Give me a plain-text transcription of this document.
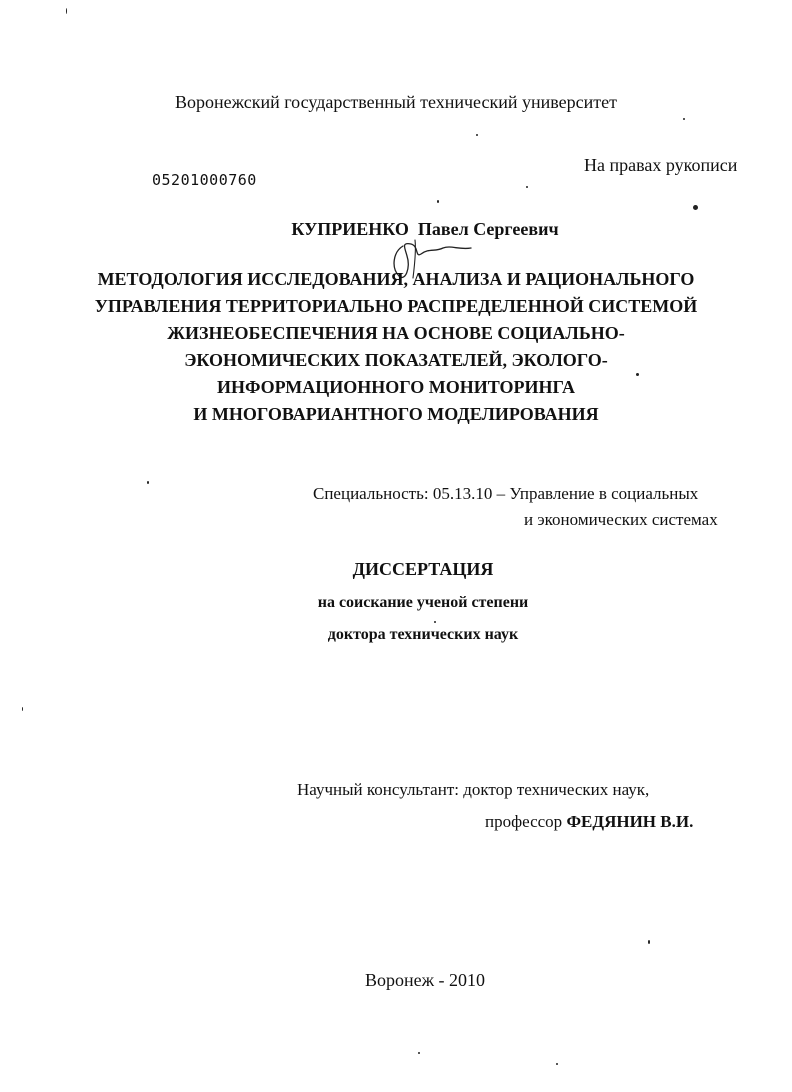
Воронежский государственный технический университет
На правах рукописи
05201000760
КУПРИЕНКО Павел Сергеевич
МЕТОДОЛОГИЯ ИССЛЕДОВАНИЯ, АНАЛИЗА И РАЦИОНАЛЬНОГО
УПРАВЛЕНИЯ ТЕРРИТОРИАЛЬНО РАСПРЕДЕЛЕННОЙ СИСТЕМОЙ
ЖИЗНЕОБЕСПЕЧЕНИЯ НА ОСНОВЕ СОЦИАЛЬНО-
ЭКОНОМИЧЕСКИХ ПОКАЗАТЕЛЕЙ, ЭКОЛОГО-
ИНФОРМАЦИОННОГО МОНИТОРИНГА
И МНОГОВАРИАНТНОГО МОДЕЛИРОВАНИЯ
Специальность: 05.13.10 – Управление в социальных
и экономических системах
ДИССЕРТАЦИЯ
на соискание ученой степени
доктора технических наук
Научный консультант: доктор технических наук,
профессор ФЕДЯНИН В.И.
Воронеж - 2010
